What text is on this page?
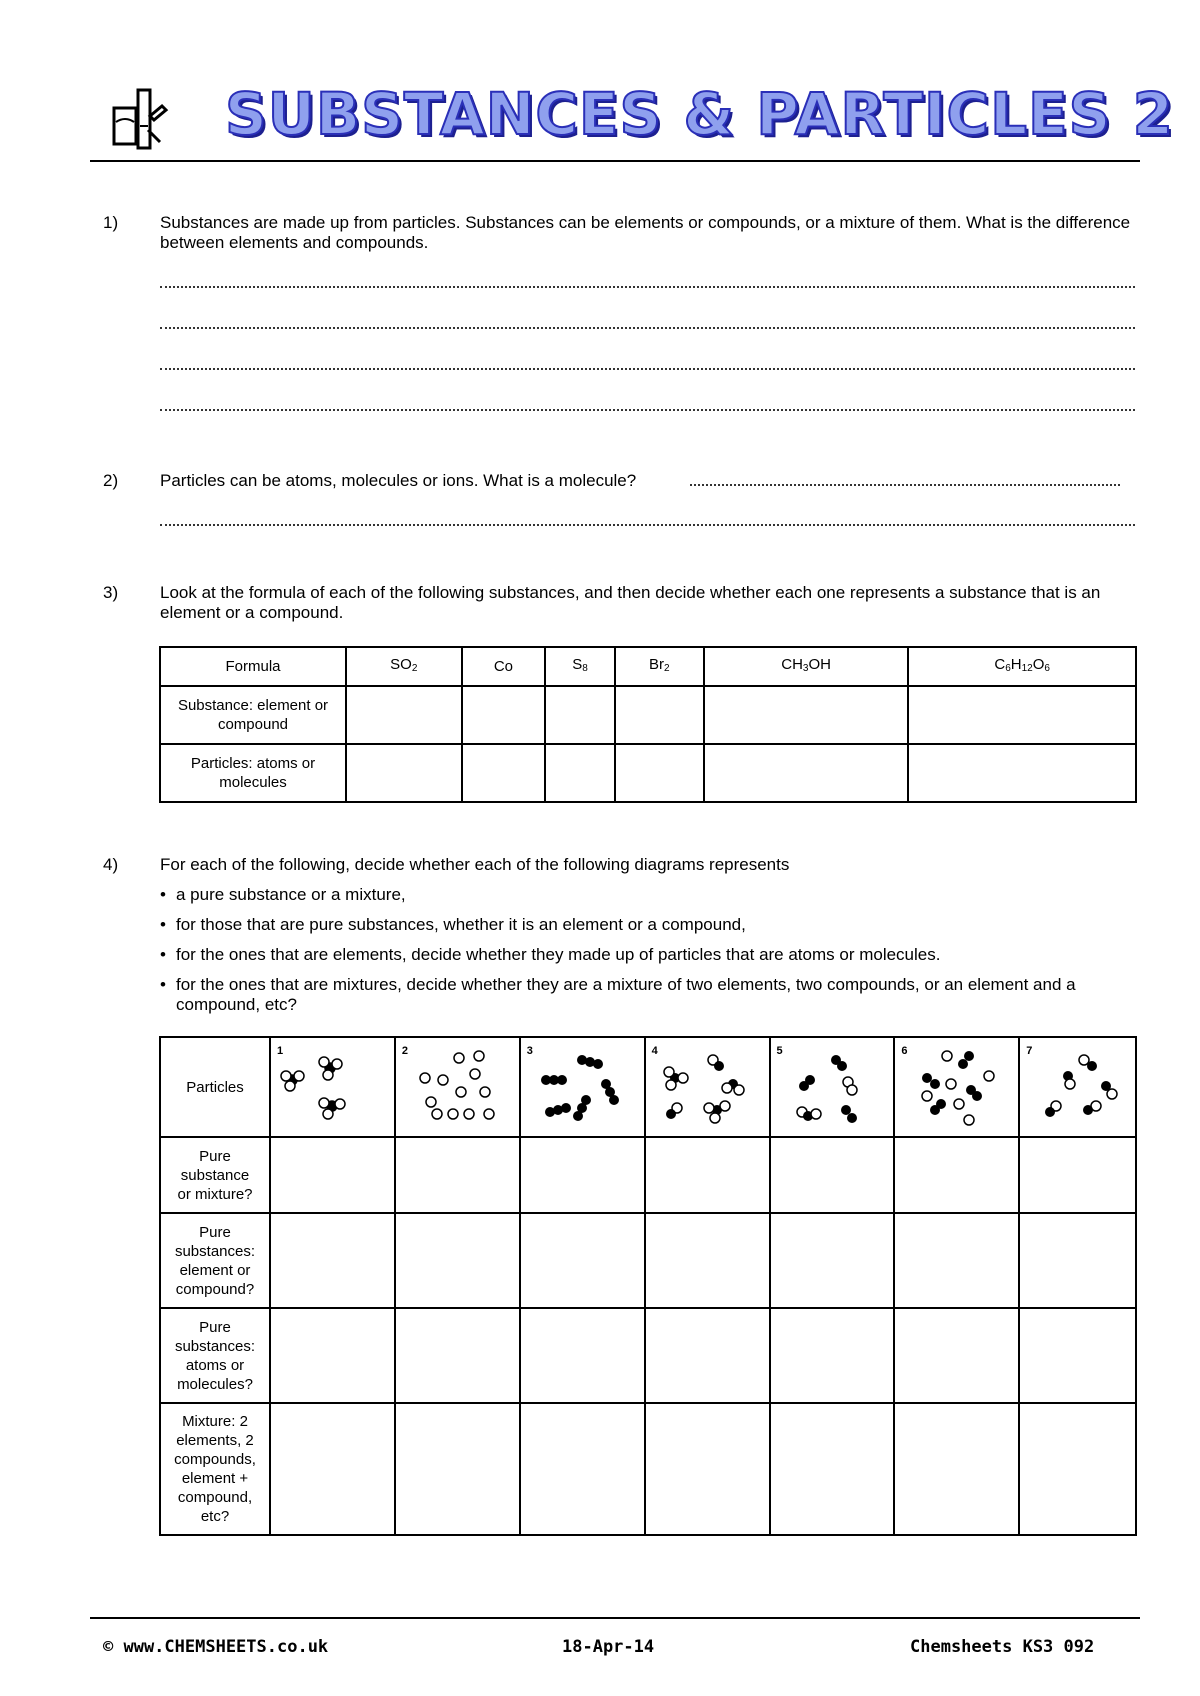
SUBSTANCES & PARTICLES 2
1) Substances are made up from particles. Substances can be elements or compounds, or a mixture of them. What is the difference between elements and compounds.
2) Particles can be atoms, molecules or ions. What is a molecule?
3) Look at the formula of each of the following substances, and then decide whether each one represents a substance that is an element or a compound.
Formula	$SO_2$	Co	$S_8$	$Br_2$	$CH_3OH$	$C_6H_{12}O_6$
Substance: element or compound						
Particles: atoms or molecules						
4) For each of the following, decide whether each of the following diagrams represents
• a pure substance or a mixture,
• for those that are pure substances, whether it is an element or a compound,
• for the ones that are elements, decide whether they made up of particles that are atoms or molecules.
• for the ones that are mixtures, decide whether they are a mixture of two elements, two compounds, or an element and a compound, etc?
Particles	1	2	3	4	5	6	7

Pure substance or mixture?							
Pure substances: element or compound?							
Pure substances: atoms or molecules?							
Mixture: 2 elements, 2 compounds, element + compound, etc?							
© www.CHEMSHEETS.co.uk	18-Apr-14	Chemsheets KS3 092
